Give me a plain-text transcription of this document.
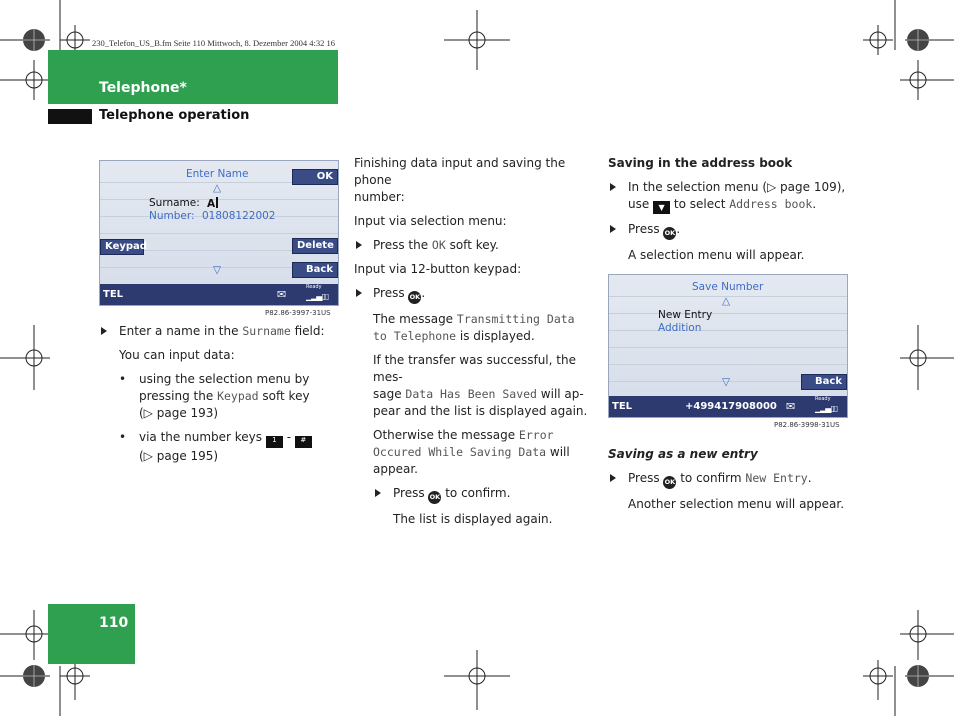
230_Telefon_US_B.fm Seite 110 Mittwoch, 8. Dezember 2004 4:32 16
Telephone*
Telephone operation
110
Enter Name
△
Surname: A
Number: 01808122002
OK
Keypad	Delete
Back
▽
TEL	✉
Ready
▁▂▄▯▯
P82.86-3997-31US
Enter a name in the Surname field:
You can input data:
• using the selection menu by
pressing the Keypad soft key
(▷ page 193)
• via the number keys 1 - #
(▷ page 195)
Finishing data input and saving the phone
number:
Input via selection menu:
Press the OK soft key.
Input via 12-button keypad:
Press OK.
The message Transmitting Data
to Telephone is displayed.
If the transfer was successful, the mes-
sage Data Has Been Saved will ap-
pear and the list is displayed again.
Otherwise the message Error
Occured While Saving Data will
appear.
Press OK to confirm.
The list is displayed again.
Saving in the address book
In the selection menu (▷ page 109),
use ▼ to select Address book.
Press OK.
A selection menu will appear.
Save Number
△
New Entry
Addition
▽	Back
TEL	+499417908000 ✉
Ready
▁▂▄▯▯
P82.86-3998-31US
Saving as a new entry
Press OK to confirm New Entry.
Another selection menu will appear.
